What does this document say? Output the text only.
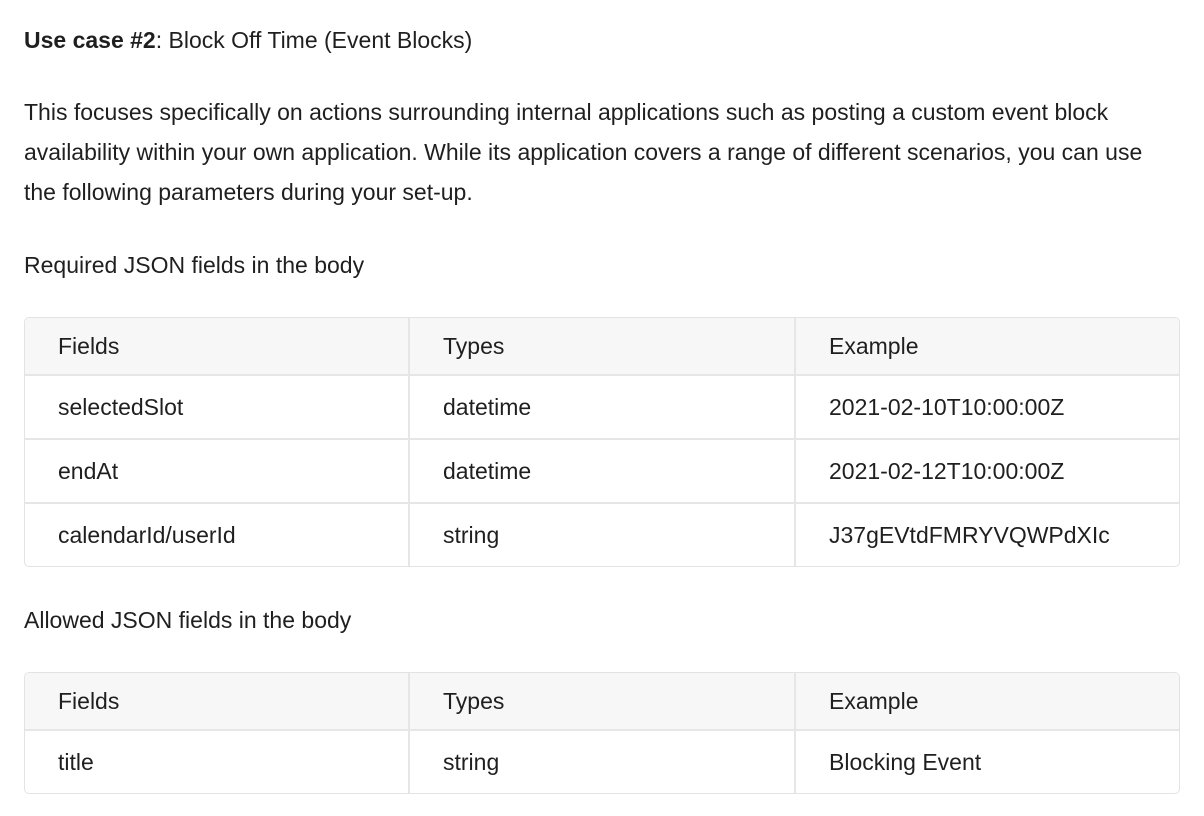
Use case #2: Block Off Time (Event Blocks)

This focuses specifically on actions surrounding internal applications such as posting a custom event block availability within your own application. While its application covers a range of different scenarios, you can use the following parameters during your set-up.

Required JSON fields in the body

Fields	Types	Example
selectedSlot	datetime	2021-02-10T10:00:00Z
endAt	datetime	2021-02-12T10:00:00Z
calendarId/userId	string	J37gEVtdFMRYVQWPdXIc

Allowed JSON fields in the body

Fields	Types	Example
title	string	Blocking Event
